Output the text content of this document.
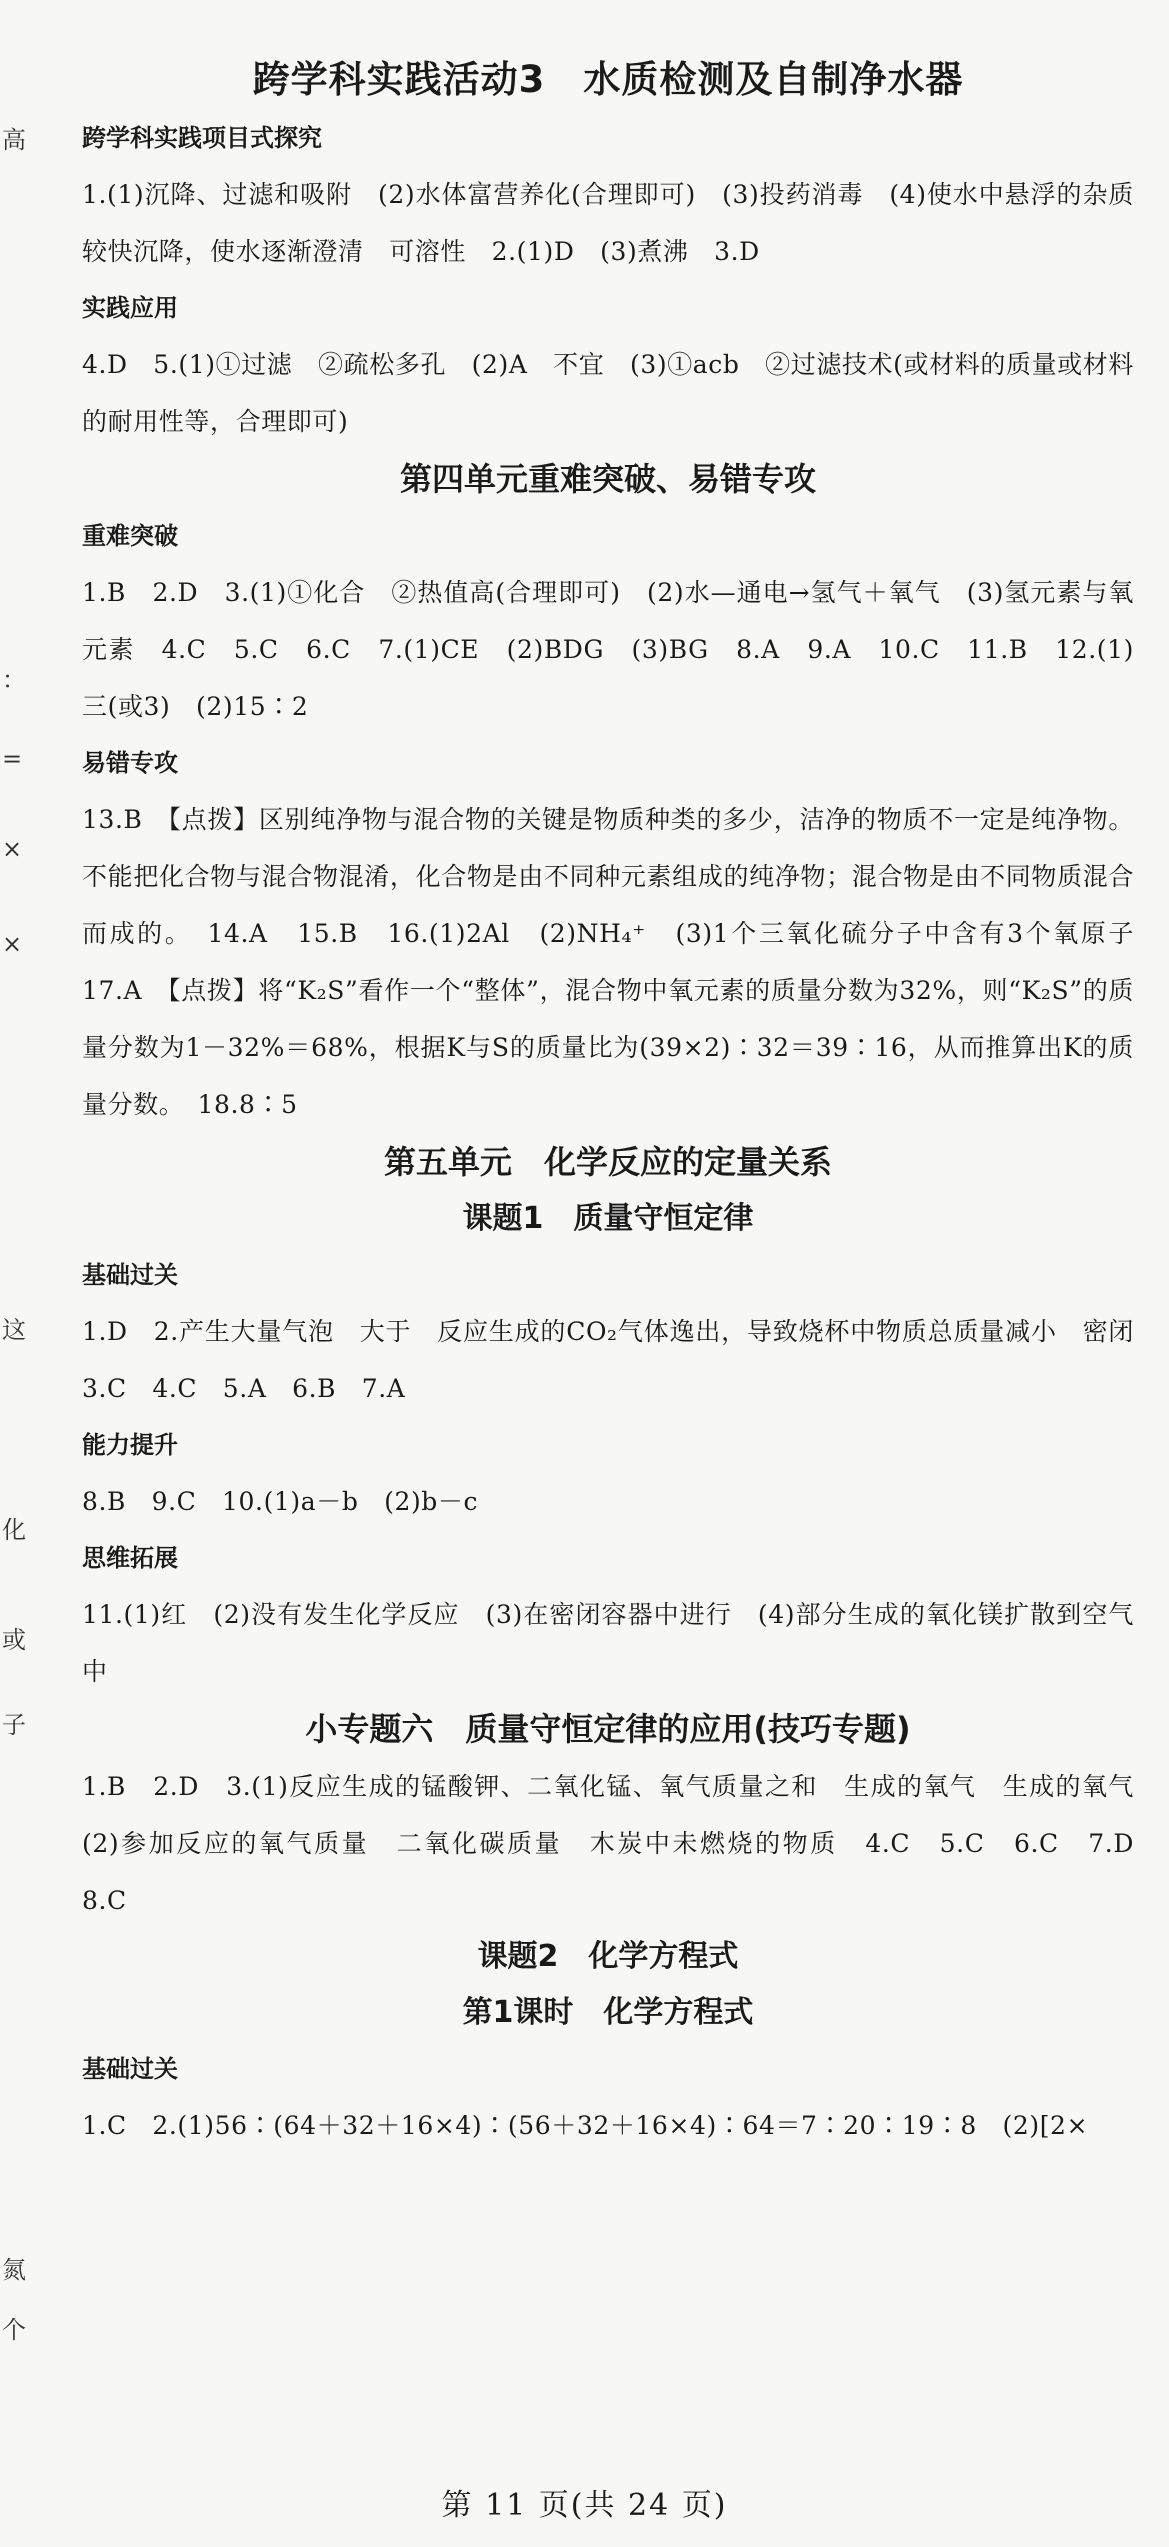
高
：
=
×
×
这
化
或
子
氮
个
跨学科实践活动3　水质检测及自制净水器
跨学科实践项目式探究

1.(1)沉降、过滤和吸附　(2)水体富营养化(合理即可)　(3)投药消毒　(4)使水中悬浮的杂质较快沉降，使水逐渐澄清　可溶性　2.(1)D　(3)煮沸　3.D

实践应用

4.D　5.(1)①过滤　②疏松多孔　(2)A　不宜　(3)①acb　②过滤技术(或材料的质量或材料的耐用性等，合理即可)

第四单元重难突破、易错专攻
重难突破

1.B　2.D　3.(1)①化合　②热值高(合理即可)　(2)水—通电→氢气＋氧气　(3)氢元素与氧元素　4.C　5.C　6.C　7.(1)CE　(2)BDG　(3)BG　8.A　9.A　10.C　11.B　12.(1)三(或3)　(2)15∶2

易错专攻

13.B　【点拨】区别纯净物与混合物的关键是物质种类的多少，洁净的物质不一定是纯净物。不能把化合物与混合物混淆，化合物是由不同种元素组成的纯净物；混合物是由不同物质混合而成的。　14.A　15.B　16.(1)2Al　(2)NH₄⁺　(3)1个三氧化硫分子中含有3个氧原子　17.A　【点拨】将“K₂S”看作一个“整体”，混合物中氧元素的质量分数为32%，则“K₂S”的质量分数为1－32%＝68%，根据K与S的质量比为(39×2)∶32＝39∶16，从而推算出K的质量分数。　18.8∶5

第五单元　化学反应的定量关系
课题1　质量守恒定律
基础过关

1.D　2.产生大量气泡　大于　反应生成的CO₂气体逸出，导致烧杯中物质总质量减小　密闭　3.C　4.C　5.A　6.B　7.A

能力提升

8.B　9.C　10.(1)a－b　(2)b－c

思维拓展

11.(1)红　(2)没有发生化学反应　(3)在密闭容器中进行　(4)部分生成的氧化镁扩散到空气中

小专题六　质量守恒定律的应用(技巧专题)

1.B　2.D　3.(1)反应生成的锰酸钾、二氧化锰、氧气质量之和　生成的氧气　生成的氧气　(2)参加反应的氧气质量　二氧化碳质量　木炭中未燃烧的物质　4.C　5.C　6.C　7.D　8.C

课题2　化学方程式
第1课时　化学方程式
基础过关

1.C　2.(1)56∶(64＋32＋16×4)∶(56＋32＋16×4)∶64＝7∶20∶19∶8　(2)[2×

第 11 页(共 24 页)
